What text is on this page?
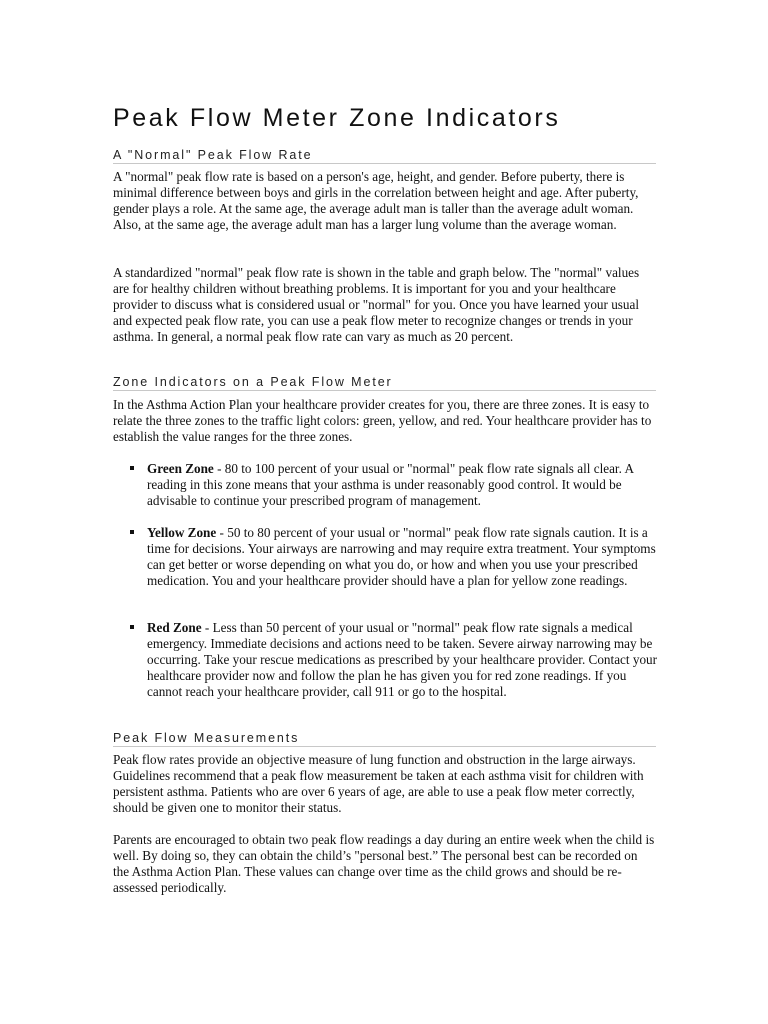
Peak Flow Meter Zone Indicators
A "Normal" Peak Flow Rate

A "normal" peak flow rate is based on a person's age, height, and gender. Before puberty, there is minimal difference between boys and girls in the correlation between height and age. After puberty, gender plays a role. At the same age, the average adult man is taller than the average adult woman. Also, at the same age, the average adult man has a larger lung volume than the average woman.

A standardized "normal" peak flow rate is shown in the table and graph below. The "normal" values are for healthy children without breathing problems. It is important for you and your healthcare provider to discuss what is considered usual or "normal" for you. Once you have learned your usual and expected peak flow rate, you can use a peak flow meter to recognize changes or trends in your asthma. In general, a normal peak flow rate can vary as much as 20 percent.

Zone Indicators on a Peak Flow Meter

In the Asthma Action Plan your healthcare provider creates for you, there are three zones. It is easy to relate the three zones to the traffic light colors: green, yellow, and red. Your healthcare provider has to establish the value ranges for the three zones.

Green Zone - 80 to 100 percent of your usual or "normal" peak flow rate signals all clear. A reading in this zone means that your asthma is under reasonably good control. It would be advisable to continue your prescribed program of management.

Yellow Zone - 50 to 80 percent of your usual or "normal" peak flow rate signals caution. It is a time for decisions. Your airways are narrowing and may require extra treatment. Your symptoms can get better or worse depending on what you do, or how and when you use your prescribed medication. You and your healthcare provider should have a plan for yellow zone readings.

Red Zone - Less than 50 percent of your usual or "normal" peak flow rate signals a medical emergency. Immediate decisions and actions need to be taken. Severe airway narrowing may be occurring. Take your rescue medications as prescribed by your healthcare provider. Contact your healthcare provider now and follow the plan he has given you for red zone readings. If you cannot reach your healthcare provider, call 911 or go to the hospital.

Peak Flow Measurements

Peak flow rates provide an objective measure of lung function and obstruction in the large airways. Guidelines recommend that a peak flow measurement be taken at each asthma visit for children with persistent asthma. Patients who are over 6 years of age, are able to use a peak flow meter correctly, should be given one to monitor their status.

Parents are encouraged to obtain two peak flow readings a day during an entire week when the child is well. By doing so, they can obtain the child’s "personal best.” The personal best can be recorded on the Asthma Action Plan. These values can change over time as the child grows and should be re-assessed periodically.
